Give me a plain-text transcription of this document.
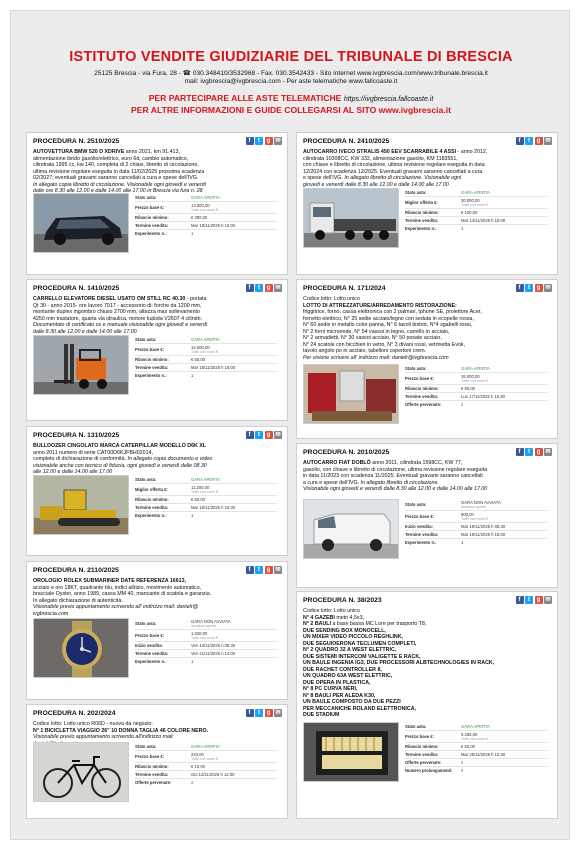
ISTITUTO VENDITE GIUDIZIARIE DEL TRIBUNALE DI BRESCIA
25125 Brescia - via Fura, 28 - ☎ 030.348410/3532968 - Fax. 030.3542433 - Sito internet www.ivgbrescia.com/www.tribunale.brescia.it
mail: ivgbrescia@ivgbrescia.com - Per aste telematiche www.fallcoaste.it
PER PARTECIPARE ALLE ASTE TELEMATICHE https://ivgbrescia.fallcoaste.it
PER ALTRE INFORMAZIONI E GUIDE COLLEGARSI AL SITO www.ivgbrescia.it
PROCEDURA N. 2510/2025	f	t	g ✉
AUTOVETTURA BMW 520 D XDRIVE anno 2021, km 91.413,
alimentazione ibrido gasolio/elettrico, euro 6d, cambio automatico,
cilindrata 1995 cc, kw 140, completa di 2 chiavi, libretto di circolazione,
ultima revisione regolare eseguita in data 11/02/2025 prossima scadenza
02/2027; eventuali gravami saranno cancellati a cura e spese dell'IVG.
In allegato copia libretto di circolazione. Visionabile ogni giovedì e venerdì
dalle ore 8.30 alle 12.00 e dalle 14.00 alle 17.00 in Brescia via fura n. 28
Stato asta:	GARA APERTA
Prezzo base €:	13.500,00
Tutte con onori €
Rilancio minimo:	€ 300,00
Termine vendita:	Mar 18/11/2025 h 16:00
Esperimento n.:	1
PROCEDURA N. 2410/2025	f	t	g ✉
AUTOCARRO IVECO STRALIS 450 EEV SCARRABILE 4 ASSI - anno 2012,
cilindrata 10308CC, KW 332, alimentazione gasolio, KM 1183551,
con chiave e libretto di circolazione, ultima revisione regolare eseguita in data
12/2024 con scadenza 12/2025. Eventuali gravami saranno cancellati a cura
e spese dell'IVG. In allegato libretto di circolazione. Visionabile ogni
giovedì e venerdì dalle 8.30 alle 12.00 e dalle 14.00 alle 17.00
Stato asta:	GARA APERTA
Miglior offerta €:	30.000,00
Tutte con onori €
Rilancio minimo:	€ 100,00
Termine vendita:	Mar 14/11/2025 h 16:00
Esperimento n.:	1
PROCEDURA N. 1410/2025	f	t	g ✉
CARRELLO ELEVATORE DIESEL USATO OM STILL RC 40.30 - portata
Qt 30 - anno 2015- ore lavoro 7017 - accessorio di: forche da 1200 mm,
montante duplex ingombro chiuso 2700 mm, altezza max sollevamento
4250 mm traslatore, quarta via idraulica, motore kubota V2607 4 cilindri.
Documentato di certificato ce e manuale visionabile ogni giovedì e venerdì
dalle 8.30 alle 12.00 e dalle 14.00 alle 17.00
Stato asta:	GARA APERTA
Prezzo base €:	12.500,00
Tutte con onori €
Rilancio minimo:	€ 50,00
Termine vendita:	Mar 18/11/2025 h 16:00
Esperimento n.:	1
PROCEDURA N. 171/2024	f	t	g ✉
Codice lotto: Lotto unico
LOTTO DI ATTREZZATURE/ARREDAMENTO RISTORAZIONE:
friggitrice, forno, cassa elettronica con 2 palmari, Iphone SE, proiettore Acer,
fornetto elettrico, N° 25 sedie acciaio/legno con seduta in ecopelle rossa,
N° 60 sedie in metallo color panna, N° 6 tavoli bistrot, N°4 sgabelli rossi,
N° 2 forni microonde, N° 54 vassoi in legno, carrello in acciaio,
N° 2 armadietti, N° 30 vassoi acciaio, N° 50 posate acciaio,
N° 24 scatole con bicchieri in vetro, N° 3 divani rossi, vetrinetta Evok,
tavolo angolo po in acciaio, tabelloni copertoni crem.
Per visione scrivere all' indirizzo mail: danielr@ivgbrescia.com
Stato asta:	GARA APERTA
Prezzo base €:	15.000,00
Tutte con onori €
Rilancio minimo:	€ 50,00
Termine vendita:	Lun 17/11/2025 h 15:30
Offerte pervenute:	2
PROCEDURA N. 1310/2025	f	t	g ✉
BULLDOZER CINGOLATO MARCA CATERPILLAR MODELLO D6K XL
anno 2011 numero di serie CAT00D6KJFBH02014,
completo di dichiarazione di conformità. In allegato copia documento e video
visionabile anche con tecnico di fiducia, ogni giovedì e venerdì dalle 08.30
alle 12.00 e dalle 14.00 alle 17.00
Stato asta:	GARA APERTA
Miglior offerta €:	11.200,00
Tutte con onori €
Rilancio minimo:	€ 50,00
Termine vendita:	Mar 18/11/2025 h 16:30
Esperimento n.:	1
PROCEDURA N. 2010/2025	f	t	g ✉
AUTOCARRO FIAT DOBLÒ anno 2011, cilindrata 1598CC, KW 77,
gasolio, con chiave e libretto di circolazione, ultima revisione regolare eseguita
in data 11/2023 con scadenza 11/2025. Eventuali gravami saranno cancellati
a cura e spese dell'IVG. In allegato libretto di circolazione.
Visionabile ogni giovedì e venerdì dalle 8.30 alle 12.00 e dalle 14.00 alle 17.00
Stato asta:	GARA NON AVVIATA
Iscrizioni aperte
Prezzo base €:	500,00
Tutte con onori €
Inizio vendita:	Mar 18/11/2025 h 08:30
Termine vendita:	Mar 19/11/2025 h 15:00
Esperimento n.:	1
PROCEDURA N. 2110/2025	f	t	g ✉
OROLOGIO ROLEX SUBMARINER DATE REFERENZA 16613,
acciaio e oro 18KT, quadrante blu, indici allrizio, movimento automatico,
bracciale Oyster, anno 1989, cassa MM 40, mancante di scatola e garanzia.
In allegato dichiarazione di autenticità.
Visionabile previo appuntamento scrivendo all' indirizzo mail: danielr@
ivgbrescia.com
Stato asta:	GARA NON AVVIATA
Iscrizioni aperte
Prezzo base €:	1.500,00
Tutte con onori €
Inizio vendita:	Ven 14/11/2025 h 08:30
Termine vendita:	Ven 21/11/2025 h 14:00
Esperimento n.:	1
PROCEDURA N. 38/2023	f	t	g ✉
Codice lotto: Lotto unico
N° 4 GAZEBI metri 4,5x3,
N° 2 BAULI a base bassa MC Lore per trasporto T8,
DUE SENDING BOX MONOCELL,
UN MIXER VIDEO PICCOLO REGHLINK,
DUE SEGUIOERONA TECLUMEN COMPLETI,
N° 2 QUADRO 32 A WEST ELETTRIC,
DUE SISTEMI INTERCOM VALIGETTE E RACK,
UN BAULE INGENIA IG3, DUE PROCESSORI ALBTECHNOLOGIES IN RACK,
DUE RACHET CONTROLLER 8,
UN QUADRO 63A WEST ELETTRIC,
DUE OPERA IN PLASTICA,
N° 8 PC CURVA NERI,
N° 8 BAULI PER ALEDA K30,
UN BAULE COMPOSTO DA DUE PEZZI
PER MECCANICHE ROLAND ELETTRONICA,
DUE STADIUM
Stato asta:	GARA APERTA
Prezzo base €:	5.335,00
Tutte con onori €
Rilancio minimo:	€ 50,00
Termine vendita:	Mar 25/11/2025 h 15:30
Offerte pervenute:	2
Numero prolungamenti:	0
PROCEDURA N. 202/2024	f	t	g ✉
Codice lotto: Lotto unico R06D - nuova da negozio:
N° 1 BICICLETTA VIAGGIO 26" 10 DONNA TAGLIA 46 COLORE NERO.
Visionabile previo appuntamento scrivendo all'indirizzo mail:
Stato asta:	GARA APERTA
Prezzo base €:	243,00
Tutte con onori €
Rilancio minimo:	€ 10,00
Termine vendita:	Gio 13/11/2025 h 12:00
Offerte pervenute:	2
